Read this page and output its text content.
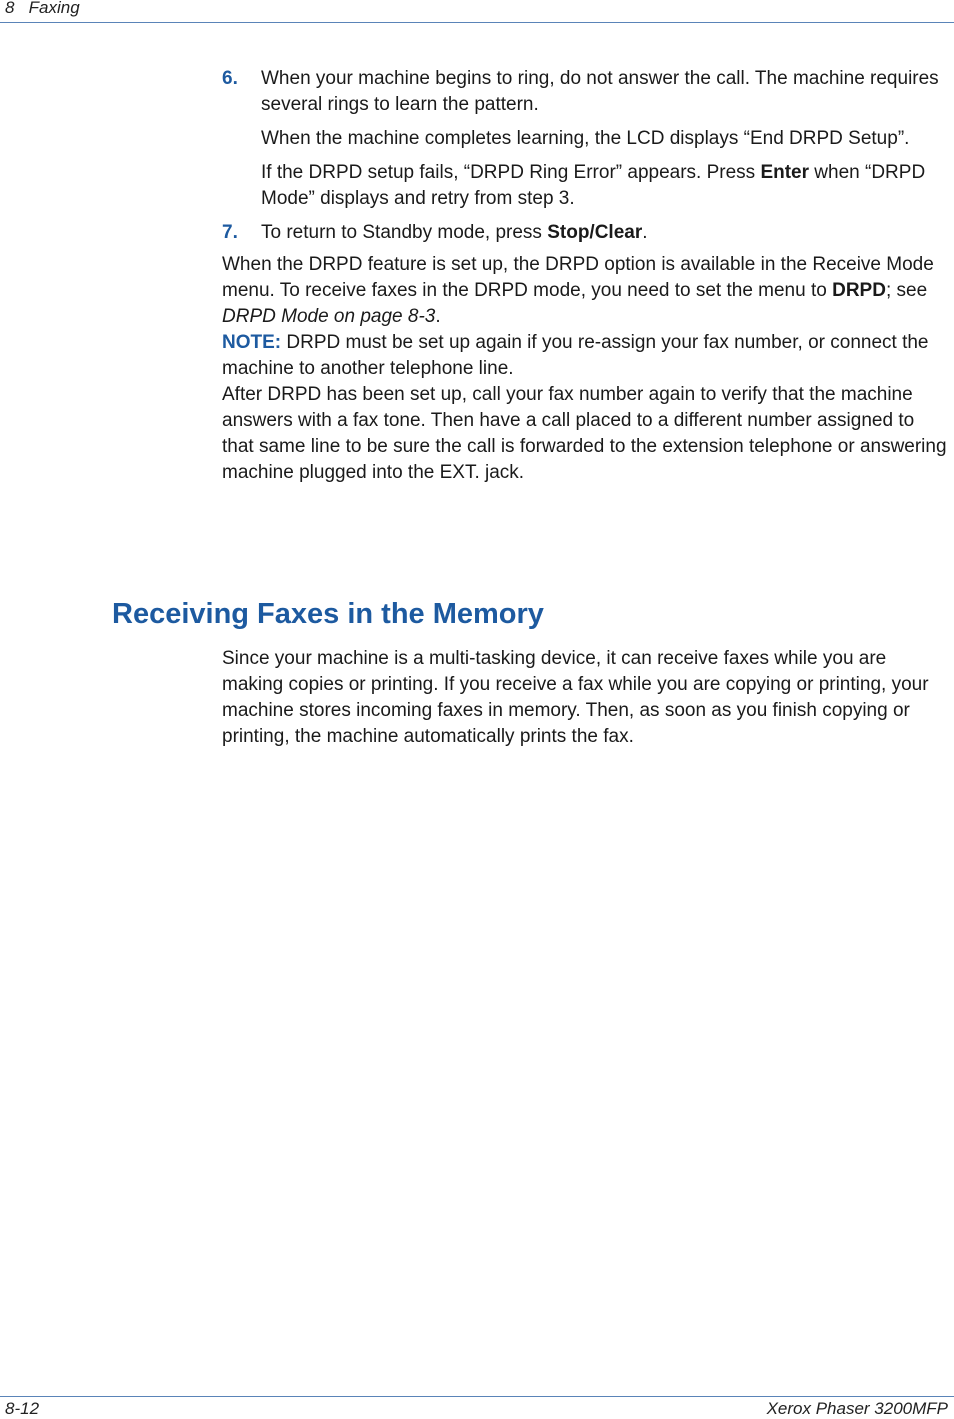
8   Faxing
6. When your machine begins to ring, do not answer the call. The machine requires several rings to learn the pattern.

When the machine completes learning, the LCD displays “End DRPD Setup”.

If the DRPD setup fails, “DRPD Ring Error” appears. Press Enter when “DRPD Mode” displays and retry from step 3.

7. To return to Standby mode, press Stop/Clear.

When the DRPD feature is set up, the DRPD option is available in the Receive Mode menu. To receive faxes in the DRPD mode, you need to set the menu to DRPD; see DRPD Mode on page 8-3.

NOTE: DRPD must be set up again if you re-assign your fax number, or connect the machine to another telephone line.

After DRPD has been set up, call your fax number again to verify that the machine answers with a fax tone. Then have a call placed to a different number assigned to that same line to be sure the call is forwarded to the extension telephone or answering machine plugged into the EXT. jack.

Receiving Faxes in the Memory

Since your machine is a multi-tasking device, it can receive faxes while you are making copies or printing. If you receive a fax while you are copying or printing, your machine stores incoming faxes in memory. Then, as soon as you finish copying or printing, the machine automatically prints the fax.

8-12	Xerox Phaser 3200MFP
